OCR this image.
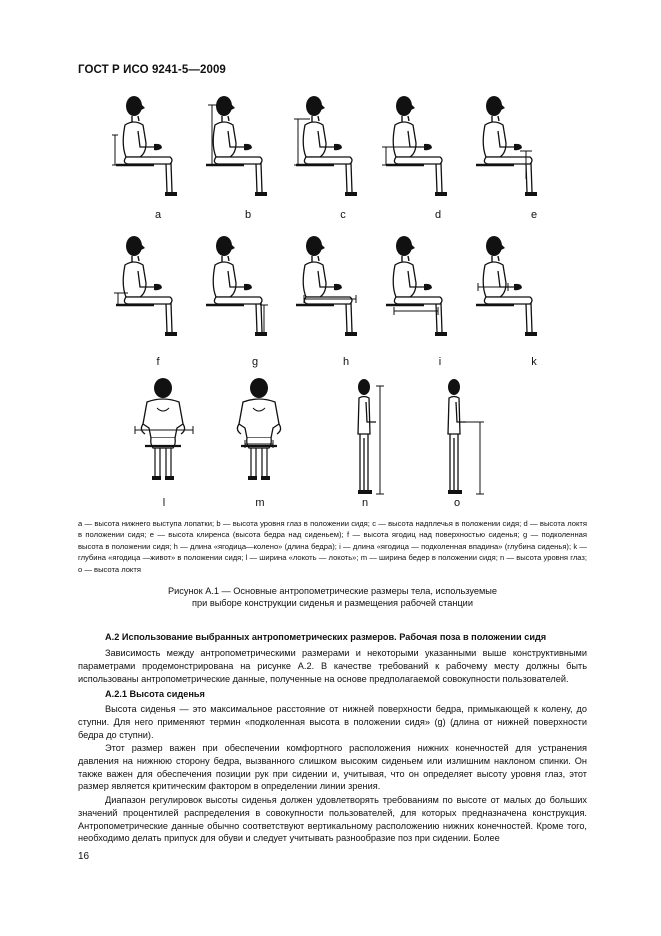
ГОСТ Р ИСО 9241-5—2009
a	b	c	d	e
f	g	h	i	k
l	m	n	o
a — высота нижнего выступа лопатки; b — высота уровня глаз в положении сидя; c — высота надплечья в положении сидя; d — высота локтя в положении сидя; e — высота клиренса (высота бедра над сиденьем); f — высота ягодиц над поверхностью сиденья; g — подколенная высота в положении сидя; h — длина «ягодица—колено» (длина бедра); i — длина «ягодица — подколенная впадина» (глубина сиденья); k — глубина «ягодица —живот» в положении сидя; l — ширина «локоть — локоть»; m — ширина бедер в положении сидя; n — высота уровня глаз; o — высота локтя
Рисунок А.1 — Основные антропометрические размеры тела, используемые
при выборе конструкции сиденья и размещения рабочей станции
А.2 Использование выбранных антропометрических размеров. Рабочая поза в положении сидя

Зависимость между антропометрическими размерами и некоторыми указанными выше конструктивными параметрами продемонстрирована на рисунке А.2. В качестве требований к рабочему месту должны быть использованы антропометрические данные, полученные на основе предполагаемой совокупности пользователей.

А.2.1 Высота сиденья

Высота сиденья — это максимальное расстояние от нижней поверхности бедра, примыкающей к колену, до ступни. Для него применяют термин «подколенная высота в положении сидя» (g) (длина от нижней поверхности бедра до ступни).

Этот размер важен при обеспечении комфортного расположения нижних конечностей для устранения давления на нижнюю сторону бедра, вызванного слишком высоким сиденьем или излишним наклоном спинки. Он также важен для обеспечения позиции рук при сидении и, учитывая, что он определяет высоту уровня глаз, этот размер является критическим фактором в определении линии зрения.

Диапазон регулировок высоты сиденья должен удовлетворять требованиям по высоте от малых до больших значений процентилей распределения в совокупности пользователей, для которых предназначена конструкция. Антропометрические данные обычно соответствуют вертикальному расположению нижних конечностей. Кроме того, необходимо делать припуск для обуви и следует учитывать разнообразие поз при сидении. Более

16
